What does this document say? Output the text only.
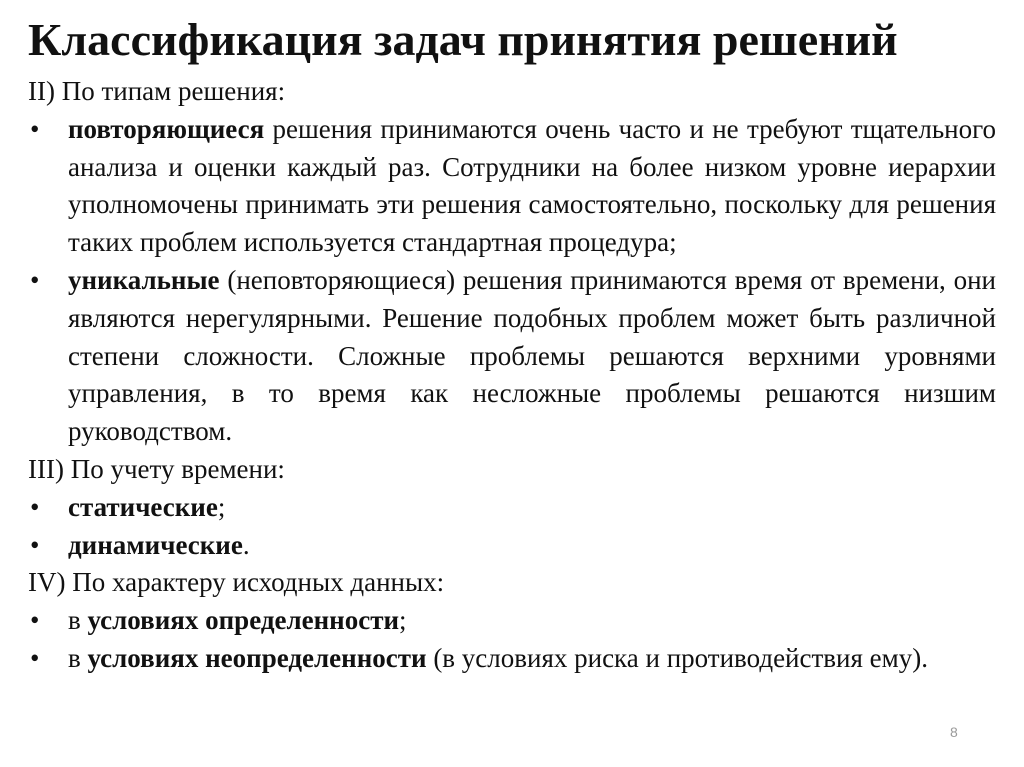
Классификация задач принятия решений

II) По типам решения:

•	повторяющиеся решения принимаются очень часто и не требуют тщательного анализа и оценки каждый раз. Сотрудники на более низком уровне иерархии уполномочены принимать эти решения самостоятельно, поскольку для решения таких проблем используется стандартная процедура;

•	уникальные (неповторяющиеся) решения принимаются время от времени, они являются нерегулярными. Решение подобных проблем может быть различной степени сложности. Сложные проблемы решаются верхними уровнями управления, в то время как несложные проблемы решаются низшим руководством.

III) По учету времени:

•	статические;

•	динамические.

IV) По характеру исходных данных:

•	в условиях определенности;

•	в условиях неопределенности (в условиях риска и противодействия ему).

8
